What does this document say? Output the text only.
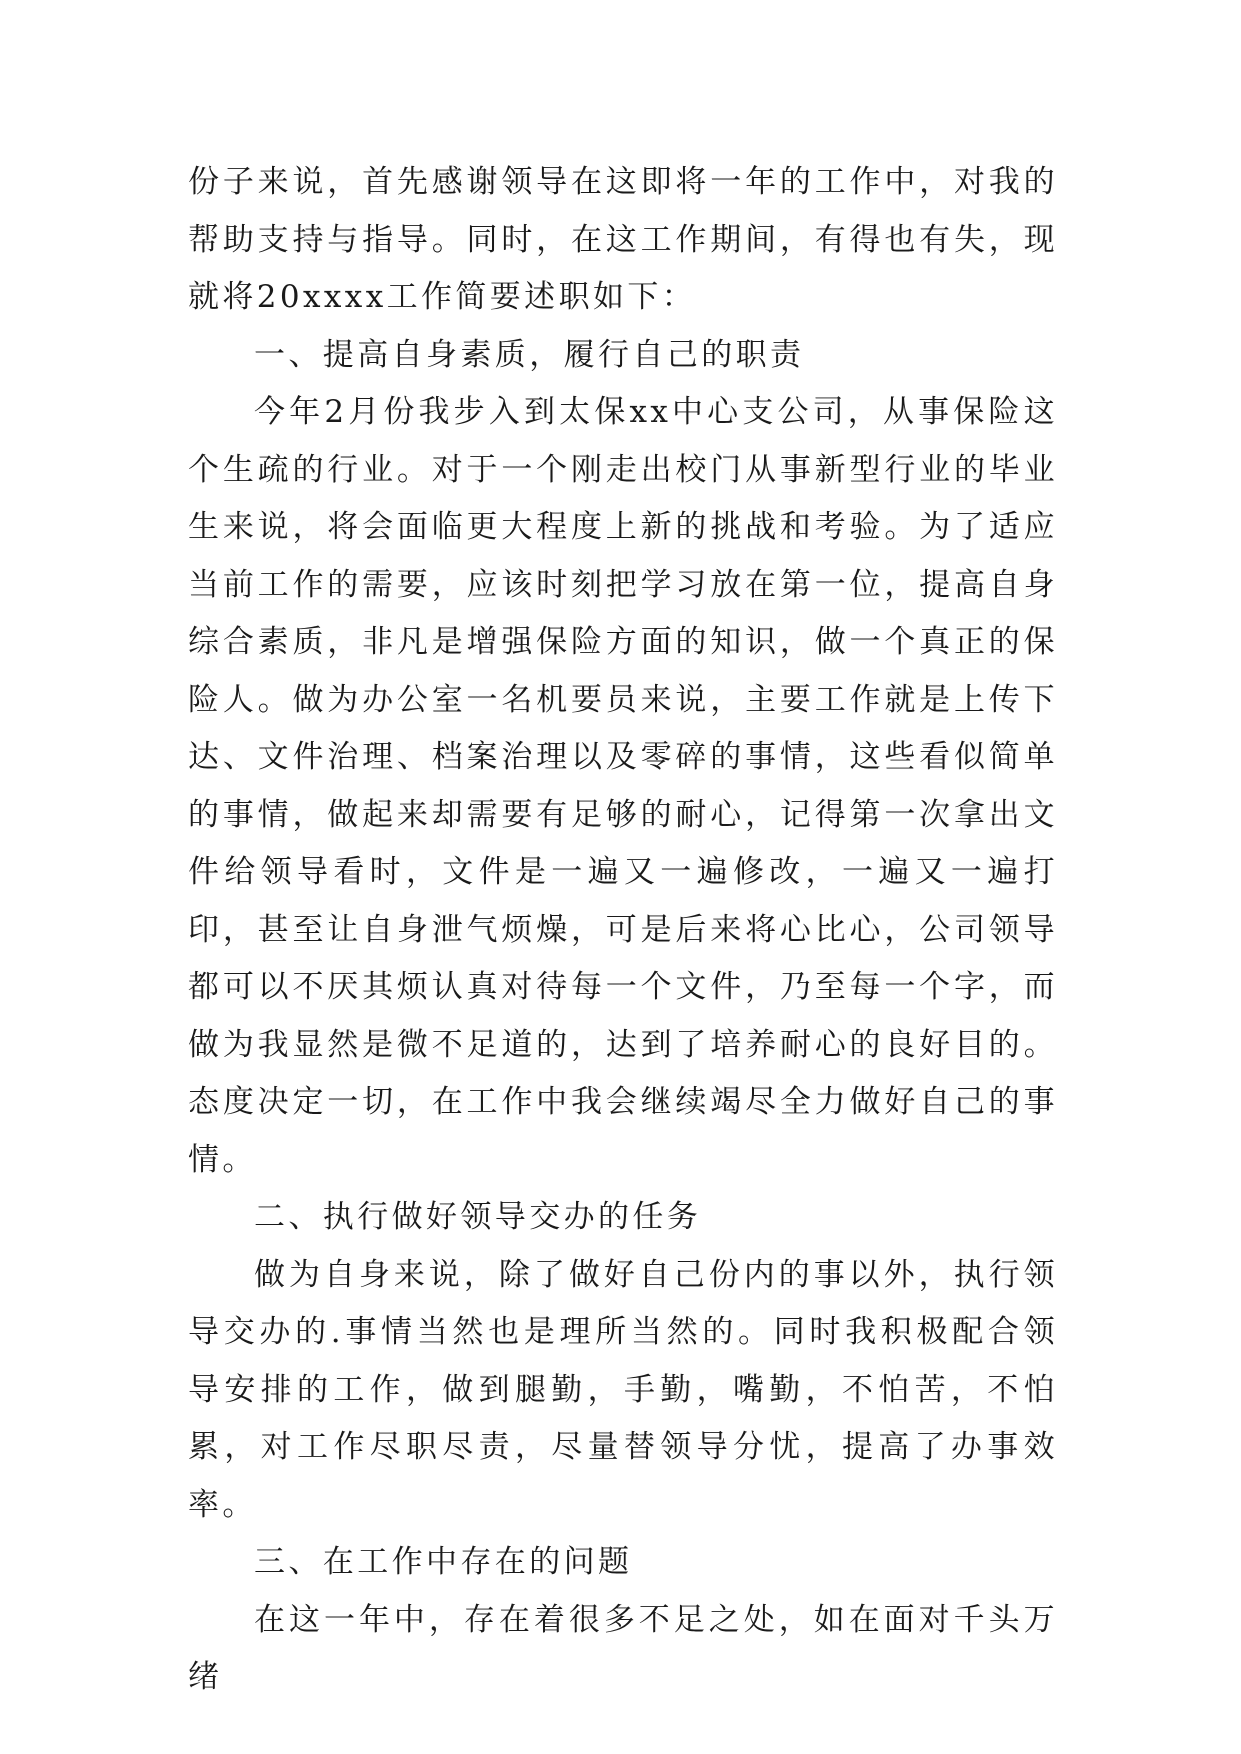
份子来说，首先感谢领导在这即将一年的工作中，对我的帮助支持与指导。同时，在这工作期间，有得也有失，现就将20xxxx工作简要述职如下：

一、提高自身素质，履行自己的职责

今年2月份我步入到太保xx中心支公司，从事保险这个生疏的行业。对于一个刚走出校门从事新型行业的毕业生来说，将会面临更大程度上新的挑战和考验。为了适应当前工作的需要，应该时刻把学习放在第一位，提高自身综合素质，非凡是增强保险方面的知识，做一个真正的保险人。做为办公室一名机要员来说，主要工作就是上传下达、文件治理、档案治理以及零碎的事情，这些看似简单的事情，做起来却需要有足够的耐心，记得第一次拿出文件给领导看时，文件是一遍又一遍修改，一遍又一遍打印，甚至让自身泄气烦燥，可是后来将心比心，公司领导都可以不厌其烦认真对待每一个文件，乃至每一个字，而做为我显然是微不足道的，达到了培养耐心的良好目的。态度决定一切，在工作中我会继续竭尽全力做好自己的事情。

二、执行做好领导交办的任务

做为自身来说，除了做好自己份内的事以外，执行领导交办的.事情当然也是理所当然的。同时我积极配合领导安排的工作，做到腿勤，手勤，嘴勤，不怕苦，不怕累，对工作尽职尽责，尽量替领导分忧，提高了办事效率。

三、在工作中存在的问题

在这一年中，存在着很多不足之处，如在面对千头万绪
